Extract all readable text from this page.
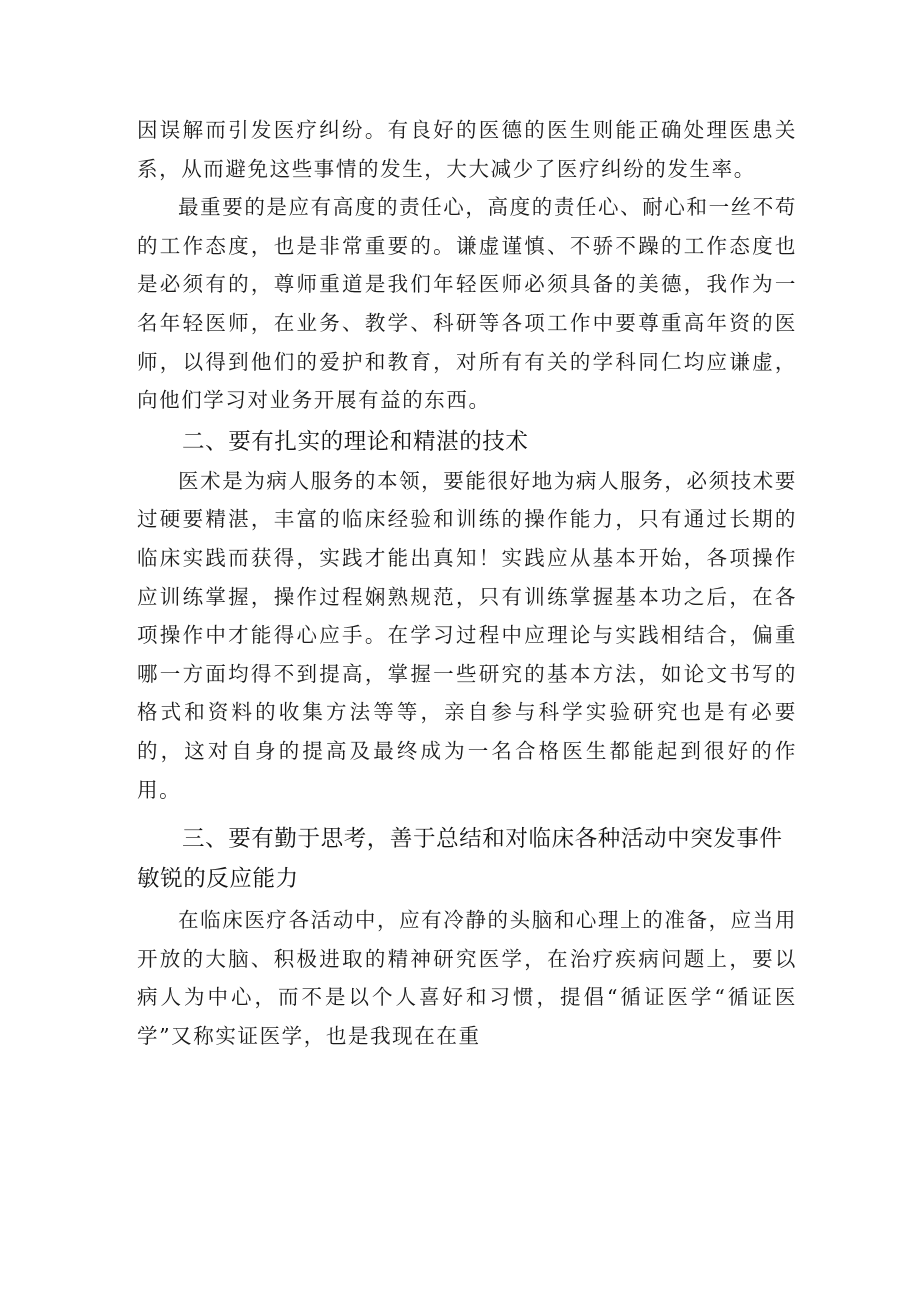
因误解而引发医疗纠纷。有良好的医德的医生则能正确处理医患关系，从而避免这些事情的发生，大大减少了医疗纠纷的发生率。

最重要的是应有高度的责任心，高度的责任心、耐心和一丝不苟的工作态度，也是非常重要的。谦虚谨慎、不骄不躁的工作态度也是必须有的，尊师重道是我们年轻医师必须具备的美德，我作为一名年轻医师，在业务、教学、科研等各项工作中要尊重高年资的医师，以得到他们的爱护和教育，对所有有关的学科同仁均应谦虚，向他们学习对业务开展有益的东西。

二、要有扎实的理论和精湛的技术

医术是为病人服务的本领，要能很好地为病人服务，必须技术要过硬要精湛，丰富的临床经验和训练的操作能力，只有通过长期的临床实践而获得，实践才能出真知！实践应从基本开始，各项操作应训练掌握，操作过程娴熟规范，只有训练掌握基本功之后，在各项操作中才能得心应手。在学习过程中应理论与实践相结合，偏重哪一方面均得不到提高，掌握一些研究的基本方法，如论文书写的格式和资料的收集方法等等，亲自参与科学实验研究也是有必要的，这对自身的提高及最终成为一名合格医生都能起到很好的作用。

三、要有勤于思考，善于总结和对临床各种活动中突发事件敏锐的反应能力

在临床医疗各活动中，应有冷静的头脑和心理上的准备，应当用开放的大脑、积极进取的精神研究医学，在治疗疾病问题上，要以病人为中心，而不是以个人喜好和习惯，提倡“循证医学“循证医学”又称实证医学，也是我现在在重
